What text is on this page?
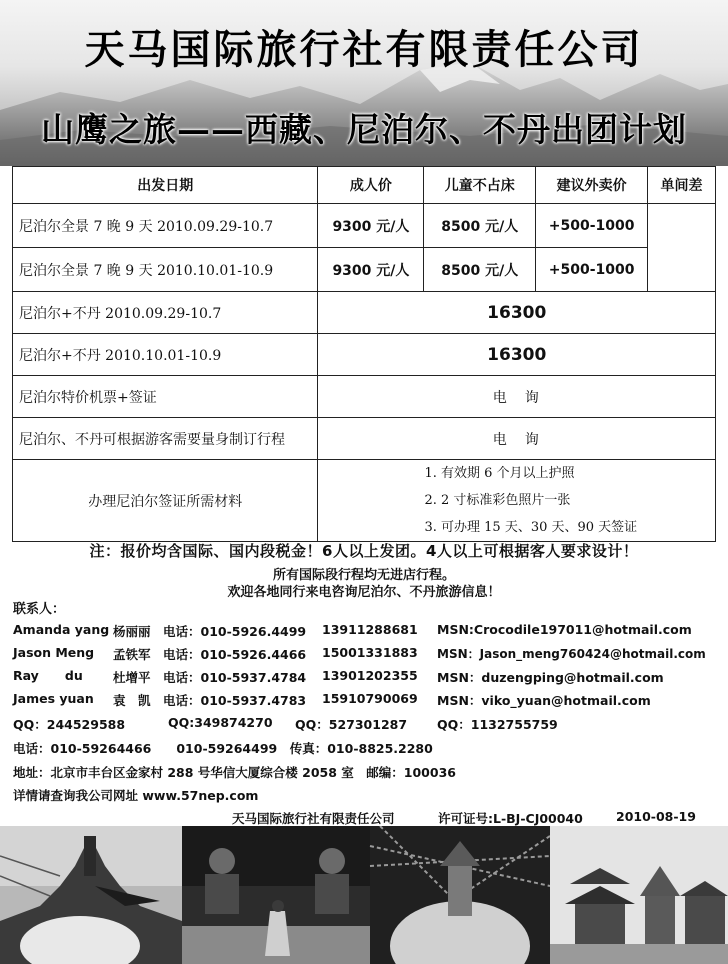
天马国际旅行社有限责任公司
山鹰之旅——西藏、尼泊尔、不丹出团计划
出发日期	成人价	儿童不占床	建议外卖价	单间差
尼泊尔全景 7 晚 9 天 2010.09.29-10.7	9300 元/人	8500 元/人	+500-1000	
尼泊尔全景 7 晚 9 天 2010.10.01-10.9	9300 元/人	8500 元/人	+500-1000	
尼泊尔+不丹 2010.09.29-10.7	16300			
尼泊尔+不丹 2010.10.01-10.9	16300			
尼泊尔特价机票+签证	电　询			
尼泊尔、不丹可根据游客需要量身制订行程	电　询			
办理尼泊尔签证所需材料	1. 有效期 6 个月以上护照
2. 2 寸标准彩色照片一张
3. 可办理 15 天、30 天、90 天签证			
注：报价均含国际、国内段税金！6人以上发团。4人以上可根据客人要求设计！
所有国际段行程均无进店行程。
欢迎各地同行来电咨询尼泊尔、不丹旅游信息！
联系人：
Amanda yang 杨丽丽 电话：010-5926.4499 13911288681 MSN:Crocodile197011@hotmail.com
Jason Meng 孟铁军 电话：010-5926.4466 15001331883 MSN：Jason_meng760424@hotmail.com
Ray      du 杜增平 电话：010-5937.4784 13901202355 MSN：duzengping@hotmail.com
James yuan 袁　凯 电话：010-5937.4783 15910790069 MSN：viko_yuan@hotmail.com
QQ：244529588	QQ:349874270 QQ：527301287 QQ：1132755759
电话：010-59264466　　010-59264499　传真：010-8825.2280
地址：北京市丰台区金家村 288 号华信大厦综合楼 2058 室　邮编：100036
详情请查询我公司网址 www.57nep.com
天马国际旅行社有限责任公司	许可证号:L-BJ-CJ00040	2010-08-19
